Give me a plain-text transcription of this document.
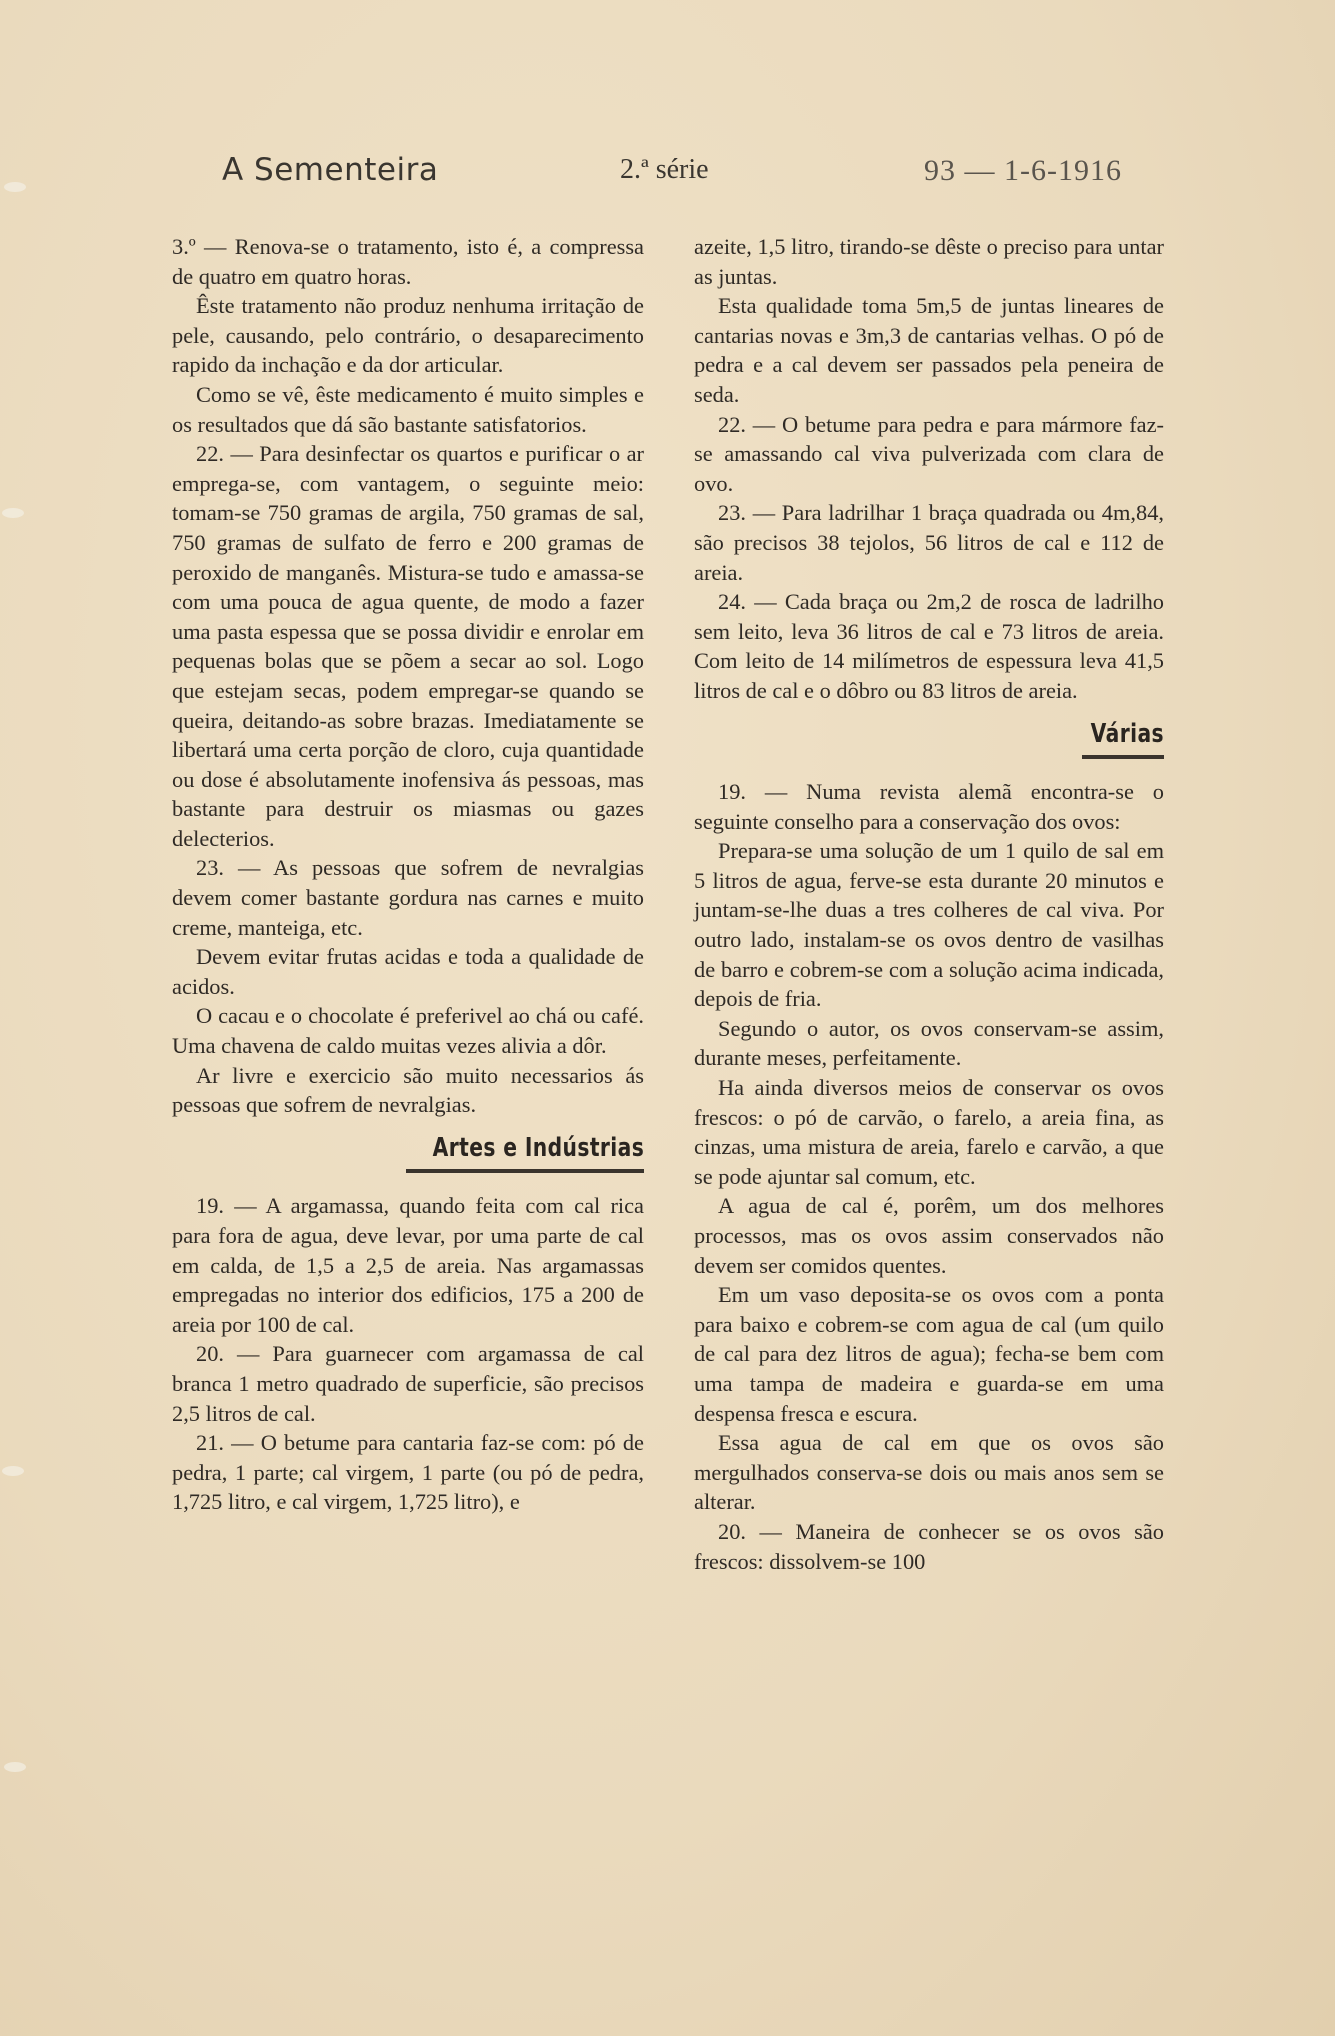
A Sementeira	2.ª série	93 — 1-6-1916

3.º — Renova-se o tratamento, isto é, a compressa de quatro em quatro horas.

Êste tratamento não produz nenhuma irritação de pele, causando, pelo contrário, o desaparecimento rapido da inchação e da dor articular.

Como se vê, êste medicamento é muito simples e os resultados que dá são bastante satisfatorios.

22. — Para desinfectar os quartos e purificar o ar emprega-se, com vantagem, o seguinte meio: tomam-se 750 gramas de argila, 750 gramas de sal, 750 gramas de sulfato de ferro e 200 gramas de peroxido de manganês. Mistura-se tudo e amassa-se com uma pouca de agua quente, de modo a fazer uma pasta espessa que se possa dividir e enrolar em pequenas bolas que se põem a secar ao sol. Logo que estejam secas, podem empregar-se quando se queira, deitando-as sobre brazas. Imediatamente se libertará uma certa porção de cloro, cuja quantidade ou dose é absolutamente inofensiva ás pessoas, mas bastante para destruir os miasmas ou gazes delecterios.

23. — As pessoas que sofrem de nevralgias devem comer bastante gordura nas carnes e muito creme, manteiga, etc.

Devem evitar frutas acidas e toda a qualidade de acidos.

O cacau e o chocolate é preferivel ao chá ou café. Uma chavena de caldo muitas vezes alivia a dôr.

Ar livre e exercicio são muito necessarios ás pessoas que sofrem de nevralgias.

Artes e Indústrias

19. — A argamassa, quando feita com cal rica para fora de agua, deve levar, por uma parte de cal em calda, de 1,5 a 2,5 de areia. Nas argamassas empregadas no interior dos edificios, 175 a 200 de areia por 100 de cal.

20. — Para guarnecer com argamassa de cal branca 1 metro quadrado de superficie, são precisos 2,5 litros de cal.

21. — O betume para cantaria faz-se com: pó de pedra, 1 parte; cal virgem, 1 parte (ou pó de pedra, 1,725 litro, e cal virgem, 1,725 litro), e

azeite, 1,5 litro, tirando-se dêste o preciso para untar as juntas.

Esta qualidade toma 5m,5 de juntas lineares de cantarias novas e 3m,3 de cantarias velhas. O pó de pedra e a cal devem ser passados pela peneira de seda.

22. — O betume para pedra e para mármore faz-se amassando cal viva pulverizada com clara de ovo.

23. — Para ladrilhar 1 braça quadrada ou 4m,84, são precisos 38 tejolos, 56 litros de cal e 112 de areia.

24. — Cada braça ou 2m,2 de rosca de ladrilho sem leito, leva 36 litros de cal e 73 litros de areia. Com leito de 14 milímetros de espessura leva 41,5 litros de cal e o dôbro ou 83 litros de areia.

Várias

19. — Numa revista alemã encontra-se o seguinte conselho para a conservação dos ovos:

Prepara-se uma solução de um 1 quilo de sal em 5 litros de agua, ferve-se esta durante 20 minutos e juntam-se-lhe duas a tres colheres de cal viva. Por outro lado, instalam-se os ovos dentro de vasilhas de barro e cobrem-se com a solução acima indicada, depois de fria.

Segundo o autor, os ovos conservam-se assim, durante meses, perfeitamente.

Ha ainda diversos meios de conservar os ovos frescos: o pó de carvão, o farelo, a areia fina, as cinzas, uma mistura de areia, farelo e carvão, a que se pode ajuntar sal comum, etc.

A agua de cal é, porêm, um dos melhores processos, mas os ovos assim conservados não devem ser comidos quentes.

Em um vaso deposita-se os ovos com a ponta para baixo e cobrem-se com agua de cal (um quilo de cal para dez litros de agua); fecha-se bem com uma tampa de madeira e guarda-se em uma despensa fresca e escura.

Essa agua de cal em que os ovos são mergulhados conserva-se dois ou mais anos sem se alterar.

20. — Maneira de conhecer se os ovos são frescos: dissolvem-se 100
